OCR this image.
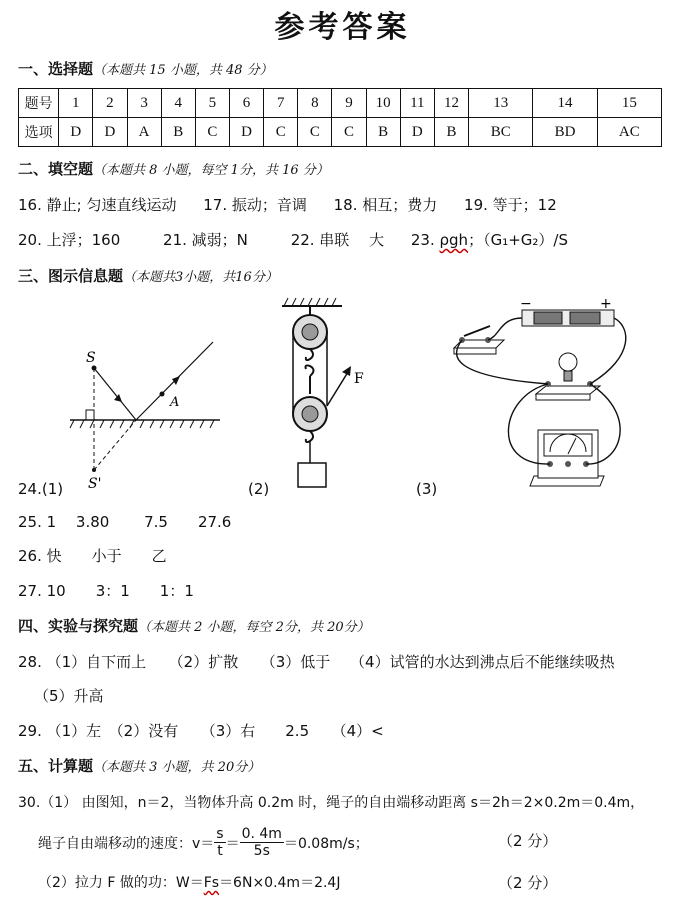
参考答案
一、选择题（本题共 15 小题，共 48 分）
题号	1	2	3	4	5	6	7	8	9	10	11	12	13	14	15
选项	D	D	A	B	C	D	C	C	C	B	D	B	BC	BD	AC
二、填空题（本题共 8 小题，每空 1分，共 16 分）
16. 静止; 匀速直线运动 17. 振动；音调 18. 相互；费力 19. 等于；12
20. 上浮；160	21. 减弱；N	22. 串联　 大 23. ρgh；（G₁+G₂）/S
三、图示信息题（本题共3小题，共16分）
S
A
S'
F
−	+
24.(1)	(2)	(3)
25. 1　 3.80　　 7.5　　27.6
26. 快　　小于　　乙
27. 10　　3：1　　1：1
四、实验与探究题（本题共 2 小题，每空 2分，共 20分）
28. （1）自下而上　　（2）扩散　　（3）低于　 （4）试管的水达到沸点后不能继续吸热
（5）升高
29. （1）左　（2）没有　　（3）右　　2.5　　（4）<
五、计算题（本题共 3 小题，共 20分）
30.（1） 由图知，n＝2，当物体升高 0.2m 时，绳子的自由端移动距离 s＝2h＝2×0.2m＝0.4m，
绳子自由端移动的速度：$v= \frac{s}{t} = \frac{0. 4m}{5s} =0.08m/s$；	（2 分）
（2）拉力 F 做的功：W＝Fs＝6N×0.4m＝2.4J	（2 分）
